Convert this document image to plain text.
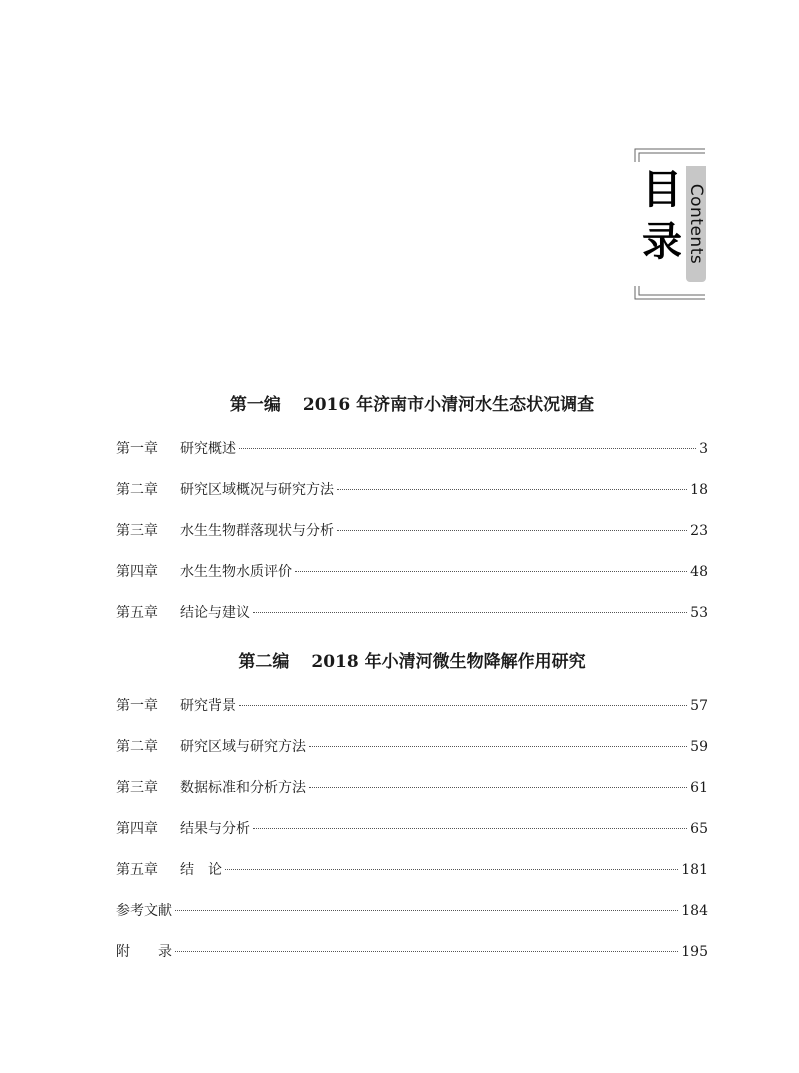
目
录 Contents
第一编 2016 年济南市小清河水生态状况调查
第一章	研究概述	3
第二章	研究区域概况与研究方法	18
第三章	水生生物群落现状与分析	23
第四章	水生生物水质评价	48
第五章	结论与建议	53
第二编 2018 年小清河微生物降解作用研究
第一章	研究背景	57
第二章	研究区域与研究方法	59
第三章	数据标准和分析方法	61
第四章	结果与分析	65
第五章	结　论	181
参考文献	184
附　　录	195
